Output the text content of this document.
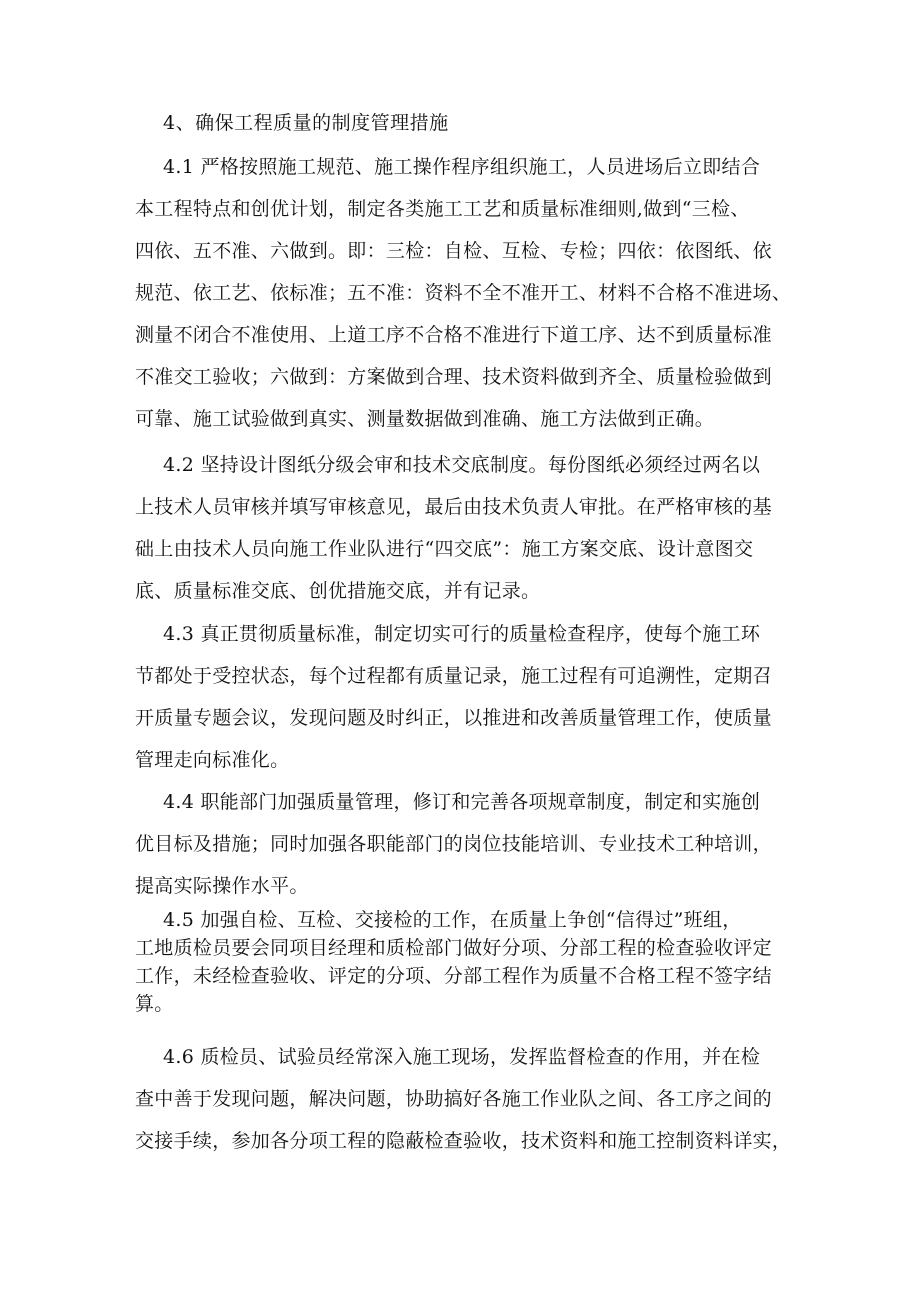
4、确保工程质量的制度管理措施

4.1 严格按照施工规范、施工操作程序组织施工，人员进场后立即结合
本工程特点和创优计划，制定各类施工工艺和质量标准细则,做到“三检、
四依、五不准、六做到。即：三检：自检、互检、专检；四依：依图纸、依
规范、依工艺、依标准；五不准：资料不全不准开工、材料不合格不准进场、
测量不闭合不准使用、上道工序不合格不准进行下道工序、达不到质量标准
不准交工验收；六做到：方案做到合理、技术资料做到齐全、质量检验做到
可靠、施工试验做到真实、测量数据做到准确、施工方法做到正确。

4.2 坚持设计图纸分级会审和技术交底制度。每份图纸必须经过两名以
上技术人员审核并填写审核意见，最后由技术负责人审批。在严格审核的基
础上由技术人员向施工作业队进行“四交底”：施工方案交底、设计意图交
底、质量标准交底、创优措施交底，并有记录。

4.3 真正贯彻质量标准，制定切实可行的质量检查程序，使每个施工环
节都处于受控状态，每个过程都有质量记录，施工过程有可追溯性，定期召
开质量专题会议，发现问题及时纠正，以推进和改善质量管理工作，使质量
管理走向标准化。

4.4 职能部门加强质量管理，修订和完善各项规章制度，制定和实施创
优目标及措施；同时加强各职能部门的岗位技能培训、专业技术工种培训，
提高实际操作水平。

4.5 加强自检、互检、交接检的工作，在质量上争创“信得过”班组，
工地质检员要会同项目经理和质检部门做好分项、分部工程的检查验收评定
工作，未经检查验收、评定的分项、分部工程作为质量不合格工程不签字结
算。

4.6 质检员、试验员经常深入施工现场，发挥监督检查的作用，并在检
查中善于发现问题，解决问题，协助搞好各施工作业队之间、各工序之间的
交接手续，参加各分项工程的隐蔽检查验收，技术资料和施工控制资料详实，
